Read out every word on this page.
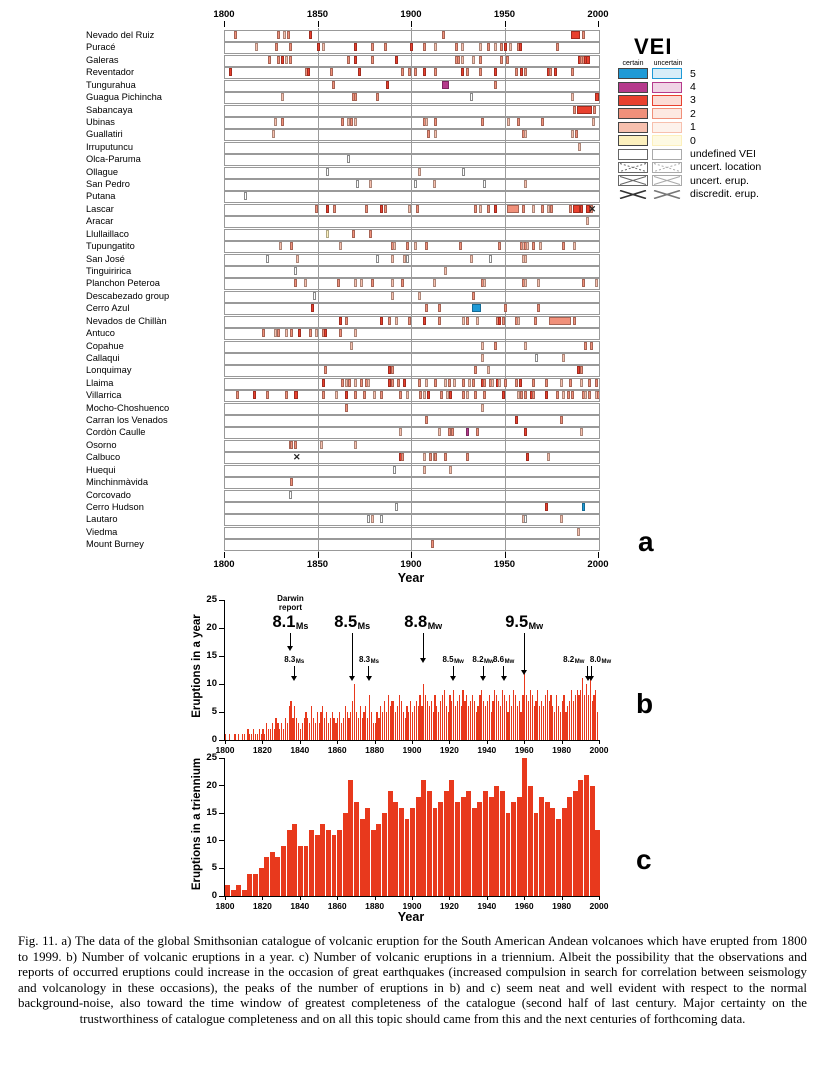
1800	1850	1900	1950	2000
Nevado del Ruiz
Puracé
Galeras
Reventador
Tungurahua
Guagua Pichincha
Sabancaya
Ubinas
Guallatiri
Irruputuncu
Olca-Paruma
Ollague
San Pedro
Putana
Lascar	✕
Aracar
Llullaillaco
Tupungatito
San José
Tinguiririca
Planchon Peteroa
Descabezado group
Cerro Azul
Nevados de Chillàn
Antuco
Copahue
Callaqui
Lonquimay
Llaima
Villarrica
Mocho-Choshuenco
Carran los Venados
Cordòn Caulle
Osorno
Calbuco	✕
Huequi
Minchinmàvida
Corcovado
Cerro Hudson
Lautaro
Viedma
Mount Burney
Year
1800	1850	1900	1950	2000
VEI
certain	uncertain
5
4
3
2
1
0
undefined VEI
uncert. location
uncert. erup.
discredit. erup.
a
0
5
10
15
20
25
1800 1820 1840 1860 1880 1900 1920 1940 1960 1980 2000
Darwin report
8.1Ms 8.5Ms 8.8Mw	9.5Mw
8.3Ms	8.3Ms	8.5Mw 8.2Mw 8.6Mw	8.2Mw 8.0Mw
Eruptions in a year	b
0
5
10
15
20
25
1800 1820 1840 1860 1880 1900 1920 1940 1960 1980 2000
Eruptions in a triennium
Year
c
Fig. 11. a) The data of the global Smithsonian catalogue of volcanic eruption for the South American Andean volcanoes which have erupted from 1800 to 1999. b) Number of volcanic eruptions in a year. c) Number of volcanic eruptions in a triennium. Albeit the possibility that the observations and reports of occurred eruptions could increase in the occasion of great earthquakes (increased compulsion in search for correlation between seismology and volcanology in these occasions), the peaks of the number of eruptions in b) and c) seem neat and well evident with respect to the normal background-noise, also toward the time window of greatest completeness of the catalogue (second half of last century. Major certainty on the trustworthiness of catalogue completeness and on all this topic should came from this and the next centuries of forthcoming data.
